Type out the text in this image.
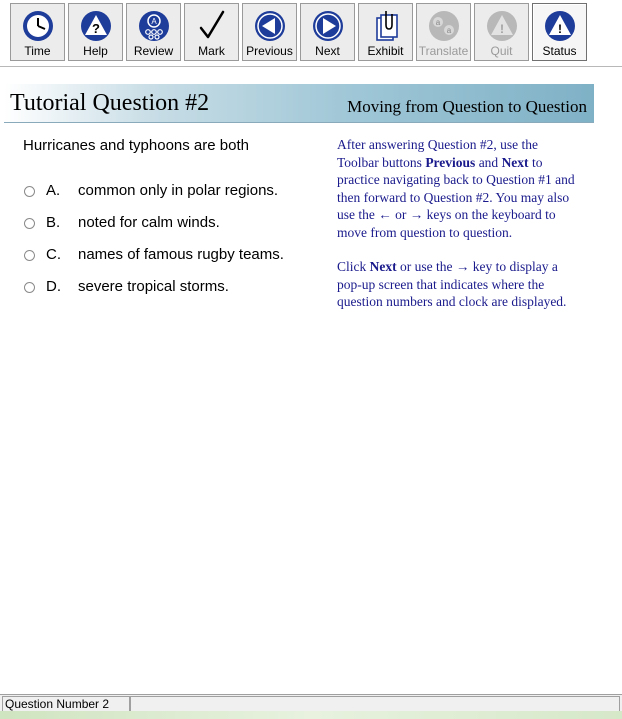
Time
?
Help
A
Review	Mark	Previous	Next	Exhibit
a
a
Translate
!
Quit
!
Status
Tutorial Question #2	Moving from Question to Question
Hurricanes and typhoons are both
A. common only in polar regions.
B. noted for calm winds.
C. names of famous rugby teams.
D. severe tropical storms.

After answering Question #2, use the Toolbar buttons Previous and Next to practice navigating back to Question #1 and then forward to Question #2. You may also use the ← or → keys on the keyboard to move from question to question.

Click Next or use the → key to display a pop-up screen that indicates where the question numbers and clock are displayed.

Question Number 2
